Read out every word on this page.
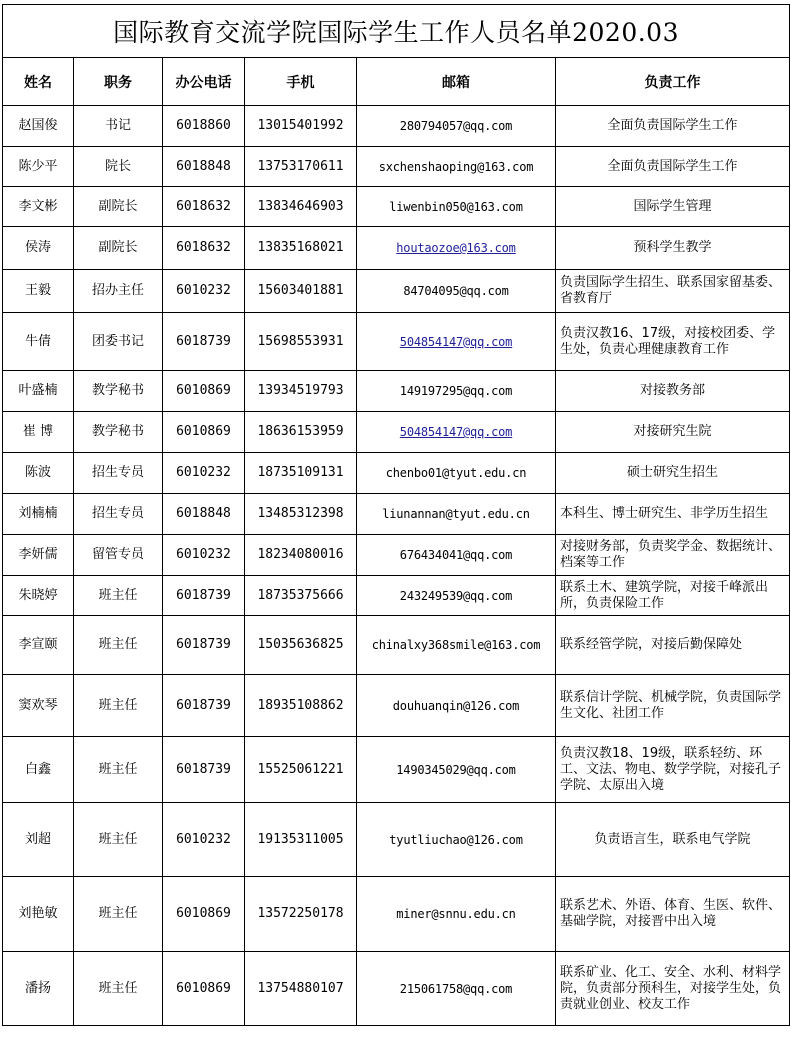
国际教育交流学院国际学生工作人员名单2020.03					
姓名	职务	办公电话	手机	邮箱	负责工作
赵国俊	书记	6018860	13015401992	280794057@qq.com	全面负责国际学生工作
陈少平	院长	6018848	13753170611	sxchenshaoping@163.com	全面负责国际学生工作
李文彬	副院长	6018632	13834646903	liwenbin050@163.com	国际学生管理
侯涛	副院长	6018632	13835168021	houtaozoe@163.com	预科学生教学
王毅	招办主任	6010232	15603401881	84704095@qq.com	负责国际学生招生、联系国家留基委、省教育厅
牛倩	团委书记	6018739	15698553931	504854147@qq.com	负责汉教16、17级，对接校团委、学生处，负责心理健康教育工作
叶盛楠	教学秘书	6010869	13934519793	149197295@qq.com	对接教务部
崔 博	教学秘书	6010869	18636153959	504854147@qq.com	对接研究生院
陈波	招生专员	6010232	18735109131	chenbo01@tyut.edu.cn	硕士研究生招生
刘楠楠	招生专员	6018848	13485312398	liunannan@tyut.edu.cn	本科生、博士研究生、非学历生招生
李妍儒	留管专员	6010232	18234080016	676434041@qq.com	对接财务部，负责奖学金、数据统计、档案等工作
朱晓婷	班主任	6018739	18735375666	243249539@qq.com	联系土木、建筑学院，对接千峰派出所，负责保险工作
李宣颐	班主任	6018739	15035636825	chinalxy368smile@163.com	联系经管学院，对接后勤保障处
窦欢琴	班主任	6018739	18935108862	douhuanqin@126.com	联系信计学院、机械学院，负责国际学生文化、社团工作
白鑫	班主任	6018739	15525061221	1490345029@qq.com	负责汉教18、19级，联系轻纺、环工、文法、物电、数学学院，对接孔子学院、太原出入境
刘超	班主任	6010232	19135311005	tyutliuchao@126.com	负责语言生，联系电气学院
刘艳敏	班主任	6010869	13572250178	miner@snnu.edu.cn	联系艺术、外语、体育、生医、软件、基础学院，对接晋中出入境
潘扬	班主任	6010869	13754880107	215061758@qq.com	联系矿业、化工、安全、水利、材料学院，负责部分预科生，对接学生处，负责就业创业、校友工作
